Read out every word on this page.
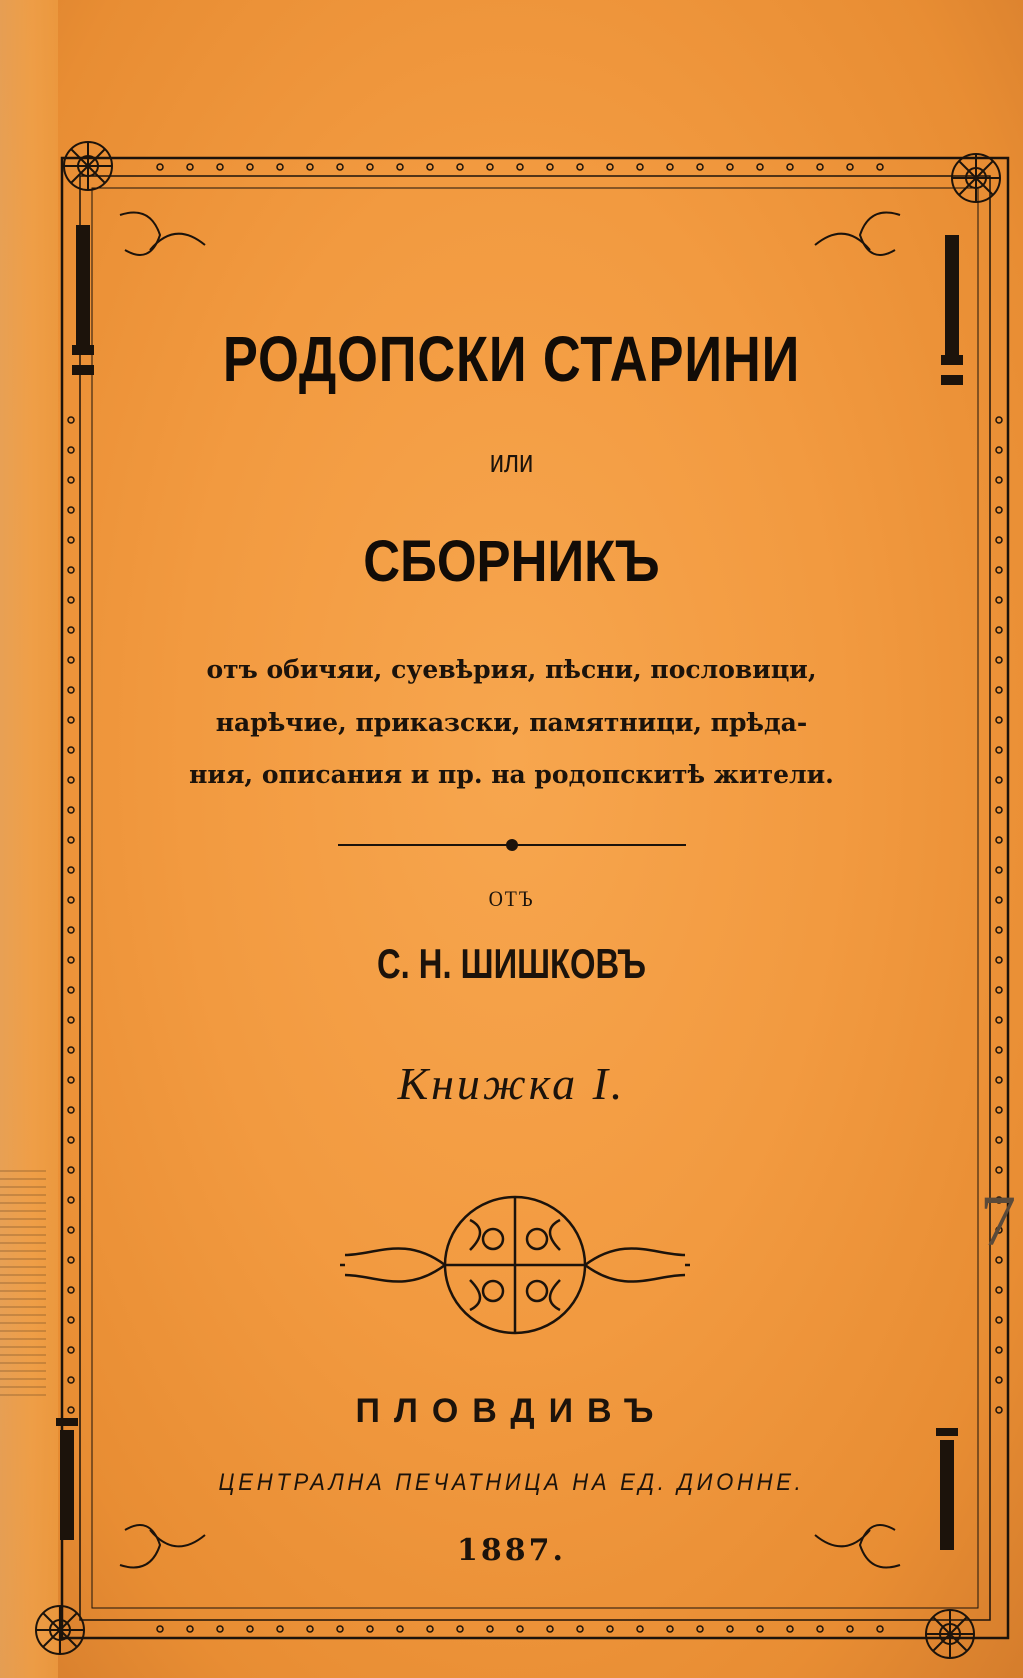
РОДОПСКИ СТАРИНИ
или
СБОРНИКЪ
отъ обичяи, суевѣрия, пѣсни, пословици,
нарѣчие, приказски, памятници, прѣда-
ния, описания и пр. на родопскитѣ жители.
ОТЪ
С. Н. ШИШКОВЪ
Книжка I.
ПЛОВДИВЪ
ЦЕНТРАЛНА ПЕЧАТНИЦА НА ЕД. ДИОННЕ.
1887.
7
